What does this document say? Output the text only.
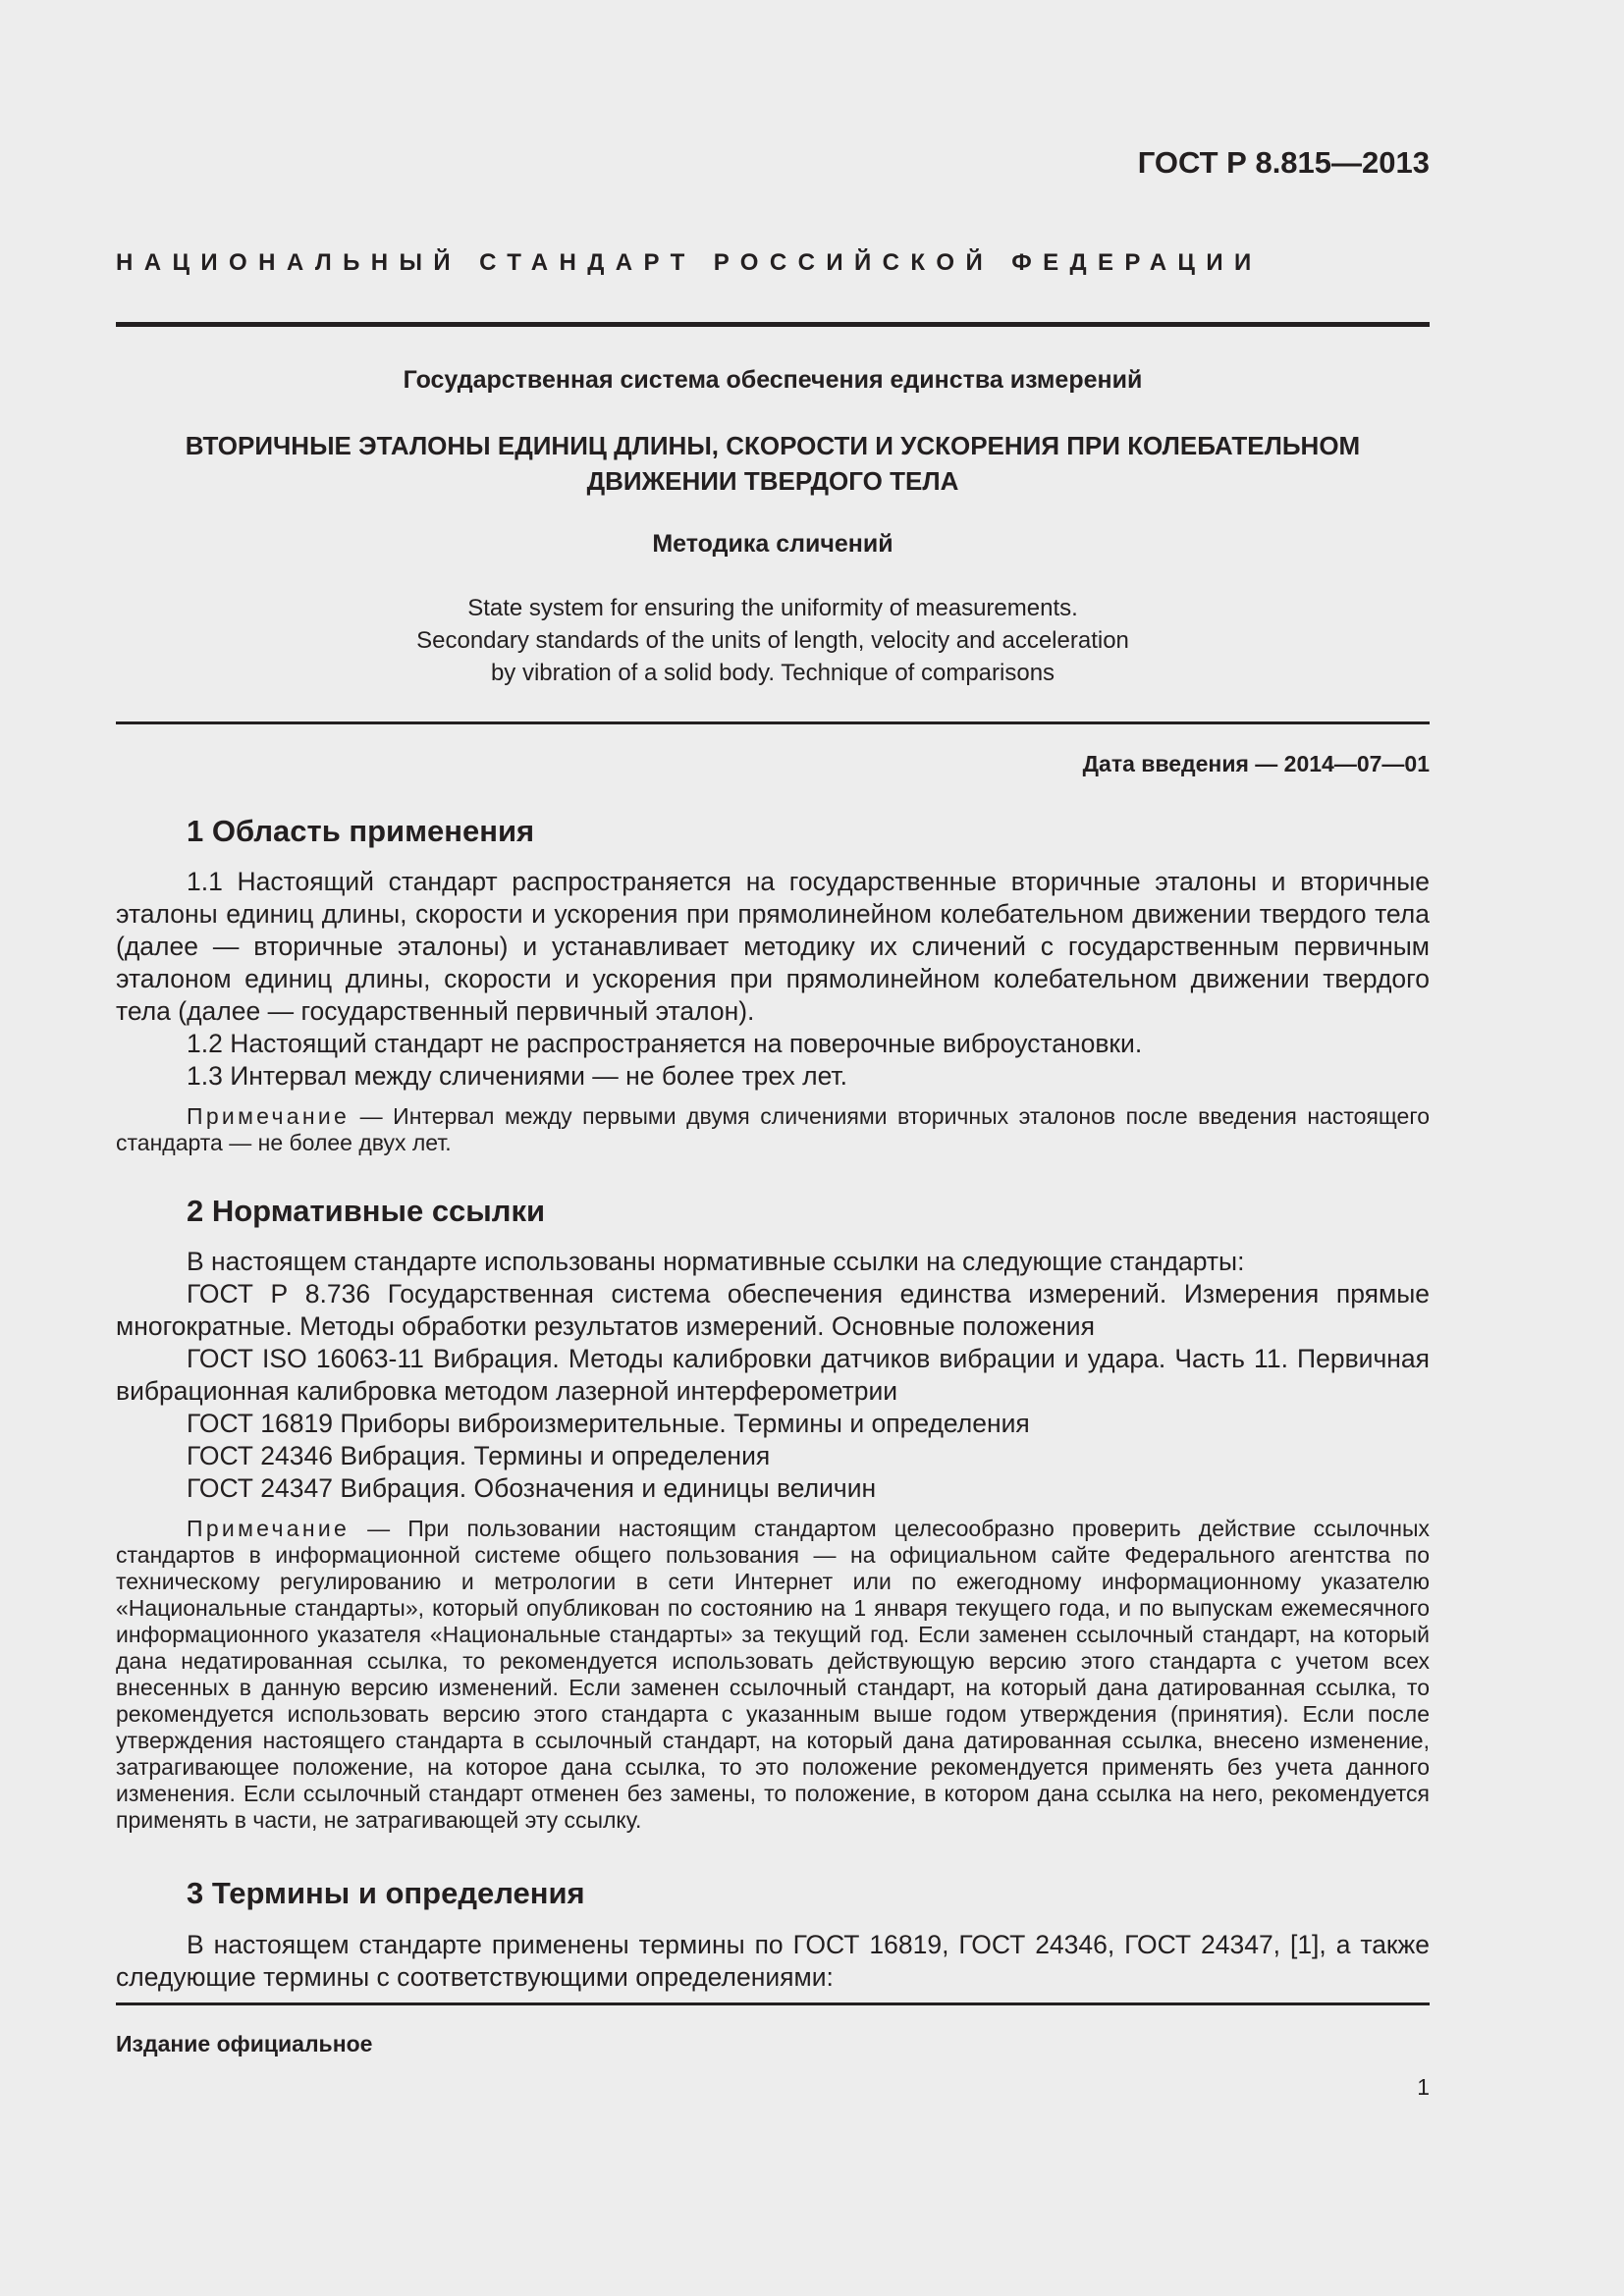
ГОСТ Р 8.815—2013
НАЦИОНАЛЬНЫЙ СТАНДАРТ РОССИЙСКОЙ ФЕДЕРАЦИИ
Государственная система обеспечения единства измерений
ВТОРИЧНЫЕ ЭТАЛОНЫ ЕДИНИЦ ДЛИНЫ, СКОРОСТИ И УСКОРЕНИЯ ПРИ КОЛЕБАТЕЛЬНОМ
ДВИЖЕНИИ ТВЕРДОГО ТЕЛА
Методика сличений
State system for ensuring the uniformity of measurements.
Secondary standards of the units of length, velocity and acceleration
by vibration of a solid body. Technique of comparisons
Дата введения — 2014—07—01
1 Область применения
1.1 Настоящий стандарт распространяется на государственные вторичные эталоны и вторичные эталоны единиц длины, скорости и ускорения при прямолинейном колебательном движении твердого тела (далее — вторичные эталоны) и устанавливает методику их сличений с государственным первичным эталоном единиц длины, скорости и ускорения при прямолинейном колебательном движении твердого тела (далее — государственный первичный эталон).
1.2 Настоящий стандарт не распространяется на поверочные виброустановки.
1.3 Интервал между сличениями — не более трех лет.
Примечание — Интервал между первыми двумя сличениями вторичных эталонов после введения настоящего стандарта — не более двух лет.
2 Нормативные ссылки
В настоящем стандарте использованы нормативные ссылки на следующие стандарты:
ГОСТ Р 8.736 Государственная система обеспечения единства измерений. Измерения прямые многократные. Методы обработки результатов измерений. Основные положения
ГОСТ ISO 16063-11 Вибрация. Методы калибровки датчиков вибрации и удара. Часть 11. Первичная вибрационная калибровка методом лазерной интерферометрии
ГОСТ 16819 Приборы виброизмерительные. Термины и определения
ГОСТ 24346 Вибрация. Термины и определения
ГОСТ 24347 Вибрация. Обозначения и единицы величин
Примечание — При пользовании настоящим стандартом целесообразно проверить действие ссылочных стандартов в информационной системе общего пользования — на официальном сайте Федерального агентства по техническому регулированию и метрологии в сети Интернет или по ежегодному информационному указателю «Национальные стандарты», который опубликован по состоянию на 1 января текущего года, и по выпускам ежемесячного информационного указателя «Национальные стандарты» за текущий год. Если заменен ссылочный стандарт, на который дана недатированная ссылка, то рекомендуется использовать действующую версию этого стандарта с учетом всех внесенных в данную версию изменений. Если заменен ссылочный стандарт, на который дана датированная ссылка, то рекомендуется использовать версию этого стандарта с указанным выше годом утверждения (принятия). Если после утверждения настоящего стандарта в ссылочный стандарт, на который дана датированная ссылка, внесено изменение, затрагивающее положение, на которое дана ссылка, то это положение рекомендуется применять без учета данного изменения. Если ссылочный стандарт отменен без замены, то положение, в котором дана ссылка на него, рекомендуется применять в части, не затрагивающей эту ссылку.
3 Термины и определения
В настоящем стандарте применены термины по ГОСТ 16819, ГОСТ 24346, ГОСТ 24347, [1], а также следующие термины с соответствующими определениями:
Издание официальное
1
